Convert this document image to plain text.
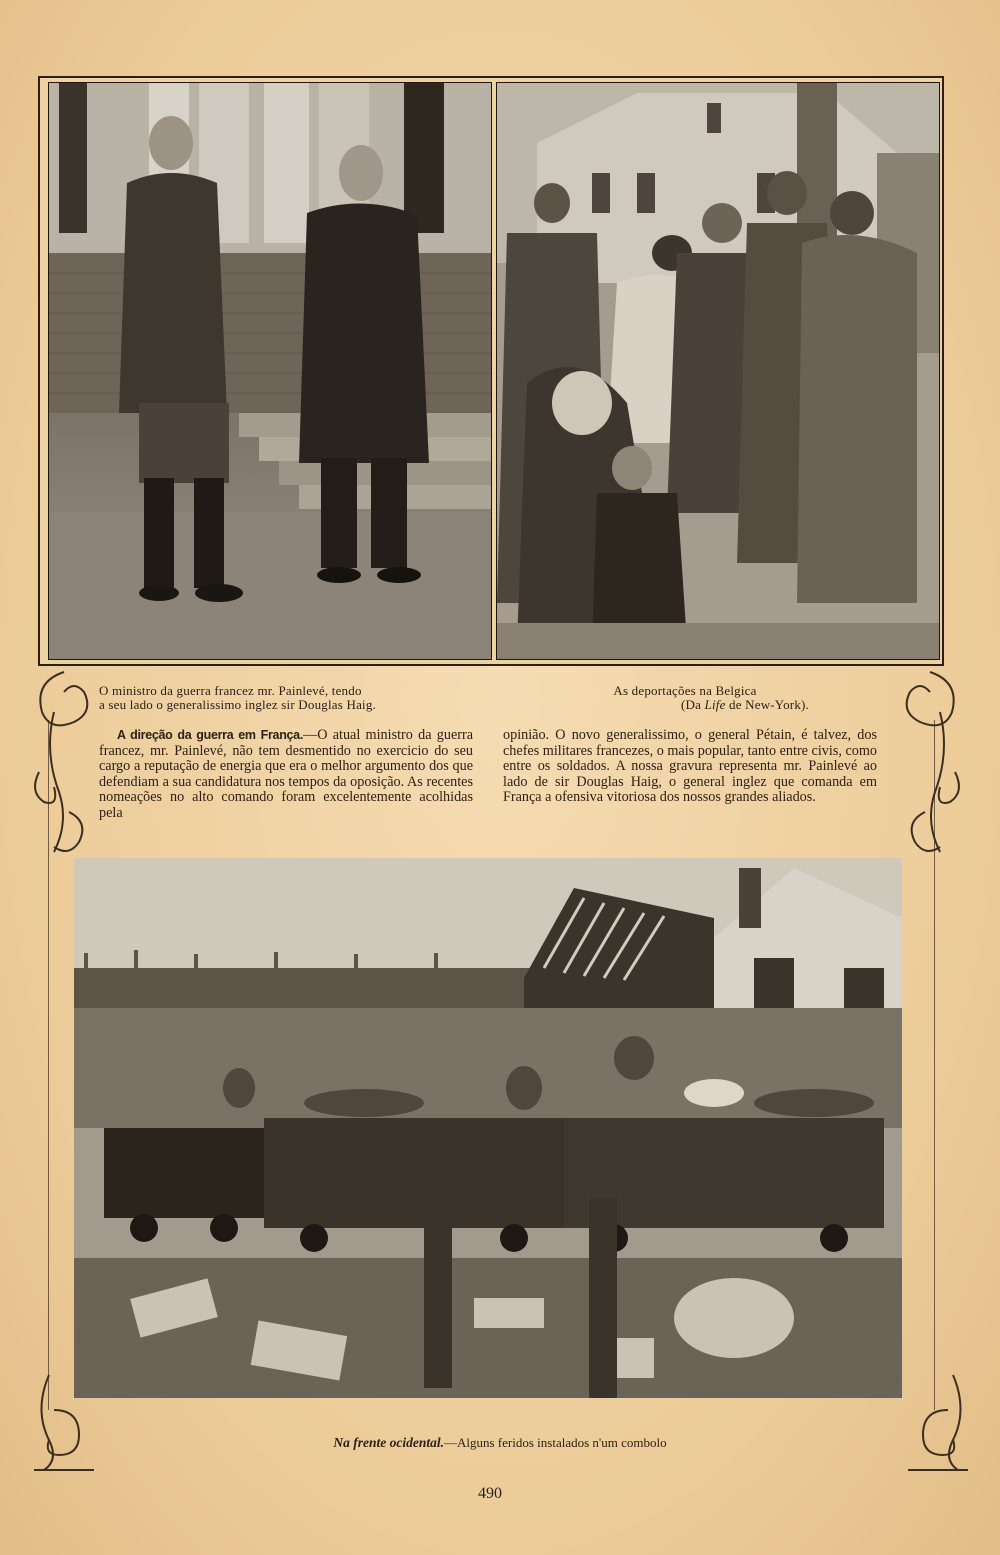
O ministro da guerra francez mr. Painlevé, tendo
a seu lado o generalissimo inglez sir Douglas Haig.
As deportações na Belgica
(Da Life de New-York).
A direção da guerra em França.—O atual ministro da guerra francez, mr. Painlevé, não tem desmentido no exercicio do seu cargo a reputação de energia que era o melhor argumento dos que defendiam a sua candidatura nos tempos da oposição. As recentes nomeações no alto comando foram excelentemente acolhidas pela
opinião. O novo generalissimo, o general Pétain, é talvez, dos chefes militares francezes, o mais popular, tanto entre civis, como entre os soldados. A nossa gravura representa mr. Painlevé ao lado de sir Douglas Haig, o general inglez que comanda em França a ofensiva vitoriosa dos nossos grandes aliados.
Na frente ocidental.—Alguns feridos instalados n'um combolo
490
